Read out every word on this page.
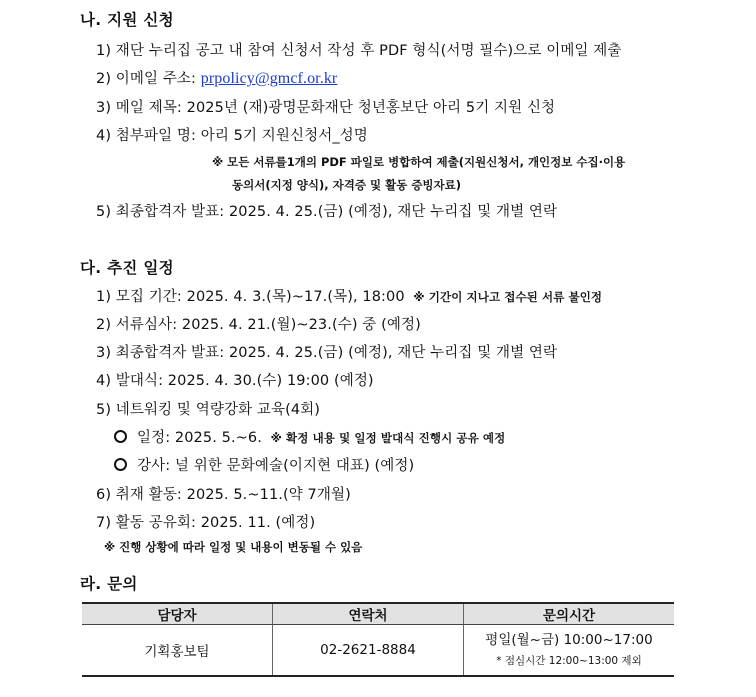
나. 지원 신청
1) 재단 누리집 공고 내 참여 신청서 작성 후 PDF 형식(서명 필수)으로 이메일 제출
2) 이메일 주소: prpolicy@gmcf.or.kr
3) 메일 제목: 2025년 (재)광명문화재단 청년홍보단 아리 5기 지원 신청
4) 첨부파일 명: 아리 5기 지원신청서_성명
※ 모든 서류를1개의 PDF 파일로 병합하여 제출(지원신청서, 개인정보 수집·이용
동의서(지정 양식), 자격증 및 활동 증빙자료)
5) 최종합격자 발표: 2025. 4. 25.(금) (예정), 재단 누리집 및 개별 연락
다. 추진 일정
1) 모집 기간: 2025. 4. 3.(목)~17.(목), 18:00 ※ 기간이 지나고 접수된 서류 불인정
2) 서류심사: 2025. 4. 21.(월)~23.(수) 중 (예정)
3) 최종합격자 발표: 2025. 4. 25.(금) (예정), 재단 누리집 및 개별 연락
4) 발대식: 2025. 4. 30.(수) 19:00 (예정)
5) 네트워킹 및 역량강화 교육(4회)
일정: 2025. 5.~6. ※ 확정 내용 및 일정 발대식 진행시 공유 예정
강사: 널 위한 문화예술(이지현 대표) (예정)
6) 취재 활동: 2025. 5.~11.(약 7개월)
7) 활동 공유회: 2025. 11. (예정)
※ 진행 상황에 따라 일정 및 내용이 변동될 수 있음
라. 문의
담당자	연락처	문의시간
기획홍보팀	02-2621-8884	평일(월~금) 10:00~17:00
* 점심시간 12:00~13:00 제외
